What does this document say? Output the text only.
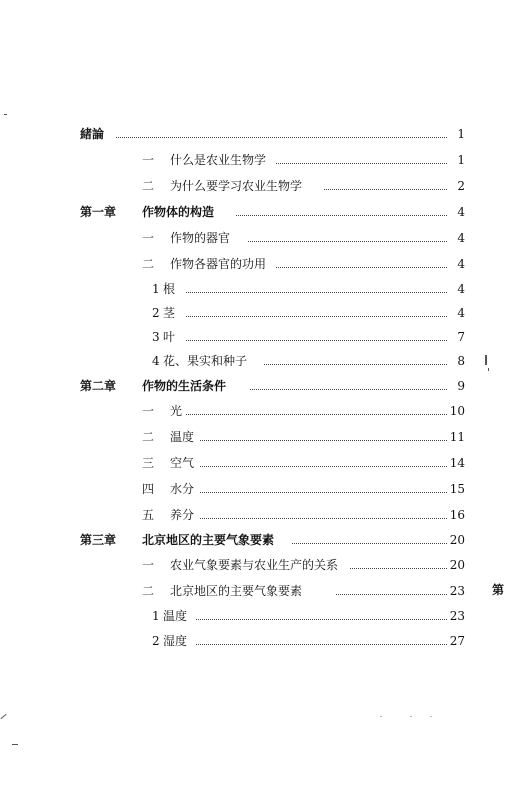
緒論	1
一 什么是农业生物学	1
二 为什么要学习农业生物学	2
第一章 作物体的构造	4
一 作物的器官	4
二 作物各器官的功用	4
1 根	4
2 茎	4
3 叶	7
4 花、果实和种子	8
第二章 作物的生活条件	9
一 光	10
二 温度	11
三 空气	14
四 水分	15
五 养分	16
第三章 北京地区的主要气象要素	20
一 农业气象要素与农业生产的关系	20
二 北京地区的主要气象要素	23
1 温度	23
2 湿度	27
第
